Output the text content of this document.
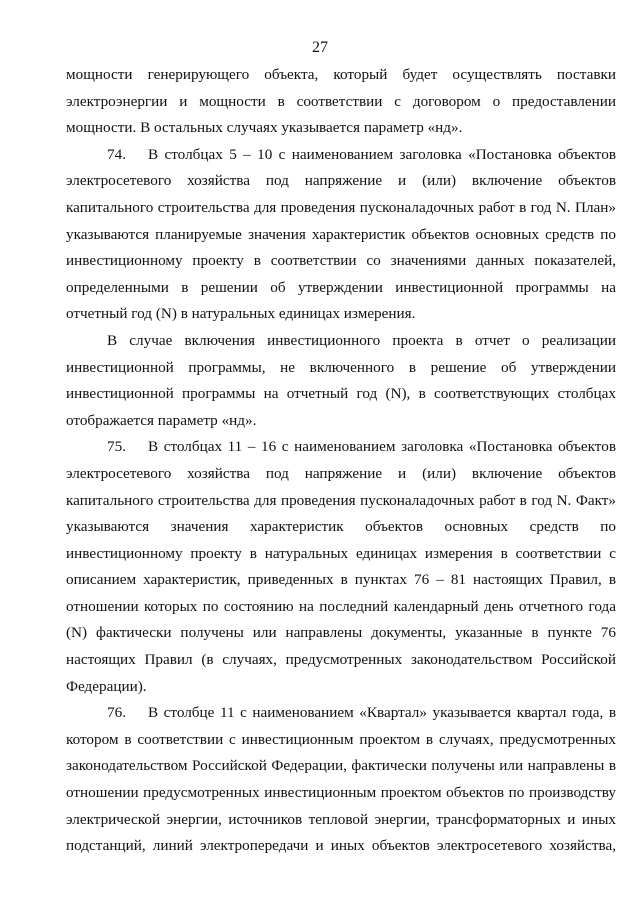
27

мощности генерирующего объекта, который будет осуществлять поставки
электроэнергии и мощности в соответствии с договором о предоставлении
мощности. В остальных случаях указывается параметр «нд».

74.	В столбцах 5 – 10 с наименованием заголовка «Постановка объектов
электросетевого хозяйства под напряжение и (или) включение объектов
капитального строительства для проведения пусконаладочных работ в год N. План»
указываются планируемые значения характеристик объектов основных средств по
инвестиционному проекту в соответствии со значениями данных показателей,
определенными в решении об утверждении инвестиционной программы на
отчетный год (N) в натуральных единицах измерения.

В случае включения инвестиционного проекта в отчет о реализации
инвестиционной программы, не включенного в решение об утверждении
инвестиционной программы на отчетный год (N), в соответствующих столбцах
отображается параметр «нд».

75.	В столбцах 11 – 16 с наименованием заголовка «Постановка объектов
электросетевого хозяйства под напряжение и (или) включение объектов
капитального строительства для проведения пусконаладочных работ в год N. Факт»
указываются значения характеристик объектов основных средств по
инвестиционному проекту в натуральных единицах измерения в соответствии с
описанием характеристик, приведенных в пунктах 76 – 81 настоящих Правил, в
отношении которых по состоянию на последний календарный день отчетного года
(N) фактически получены или направлены документы, указанные в пункте 76
настоящих Правил (в случаях, предусмотренных законодательством Российской
Федерации).

76.	В столбце 11 с наименованием «Квартал» указывается квартал года, в
котором в соответствии с инвестиционным проектом в случаях, предусмотренных
законодательством Российской Федерации, фактически получены или направлены в
отношении предусмотренных инвестиционным проектом объектов по производству
электрической энергии, источников тепловой энергии, трансформаторных и иных
подстанций, линий электропередачи и иных объектов электросетевого хозяйства,
